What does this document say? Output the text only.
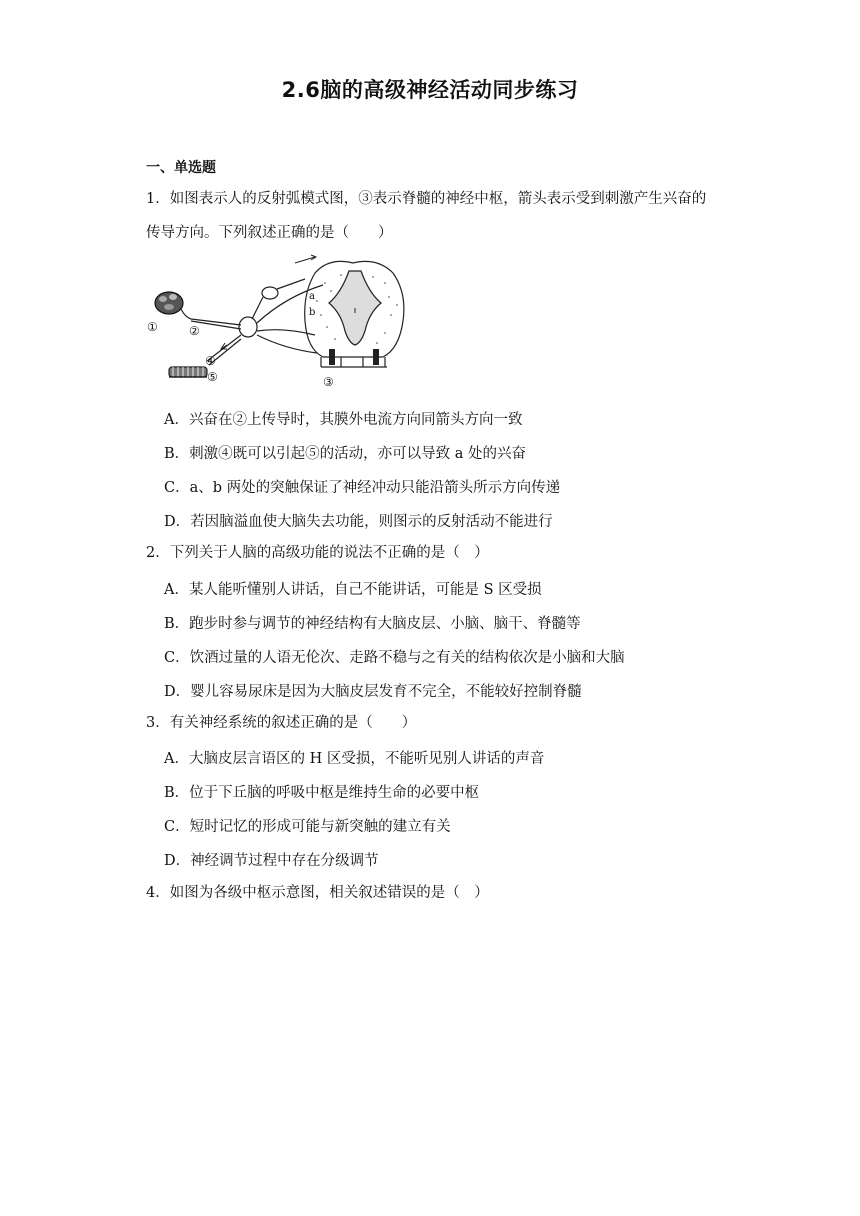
2.6脑的高级神经活动同步练习
一、单选题
1．如图表示人的反射弧模式图，③表示脊髓的神经中枢，箭头表示受到刺激产生兴奋的传导方向。下列叙述正确的是（　　）
①	②
③
④
⑤
a
b
A．兴奋在②上传导时，其膜外电流方向同箭头方向一致
B．刺激④既可以引起⑤的活动，亦可以导致 a 处的兴奋
C．a、b 两处的突触保证了神经冲动只能沿箭头所示方向传递
D．若因脑溢血使大脑失去功能，则图示的反射活动不能进行
2．下列关于人脑的高级功能的说法不正确的是（　）
A．某人能听懂别人讲话，自己不能讲话，可能是 S 区受损
B．跑步时参与调节的神经结构有大脑皮层、小脑、脑干、脊髓等
C．饮酒过量的人语无伦次、走路不稳与之有关的结构依次是小脑和大脑
D．婴儿容易尿床是因为大脑皮层发育不完全，不能较好控制脊髓
3．有关神经系统的叙述正确的是（　　）
A．大脑皮层言语区的 H 区受损，不能听见别人讲话的声音
B．位于下丘脑的呼吸中枢是维持生命的必要中枢
C．短时记忆的形成可能与新突触的建立有关
D．神经调节过程中存在分级调节
4．如图为各级中枢示意图，相关叙述错误的是（　）
